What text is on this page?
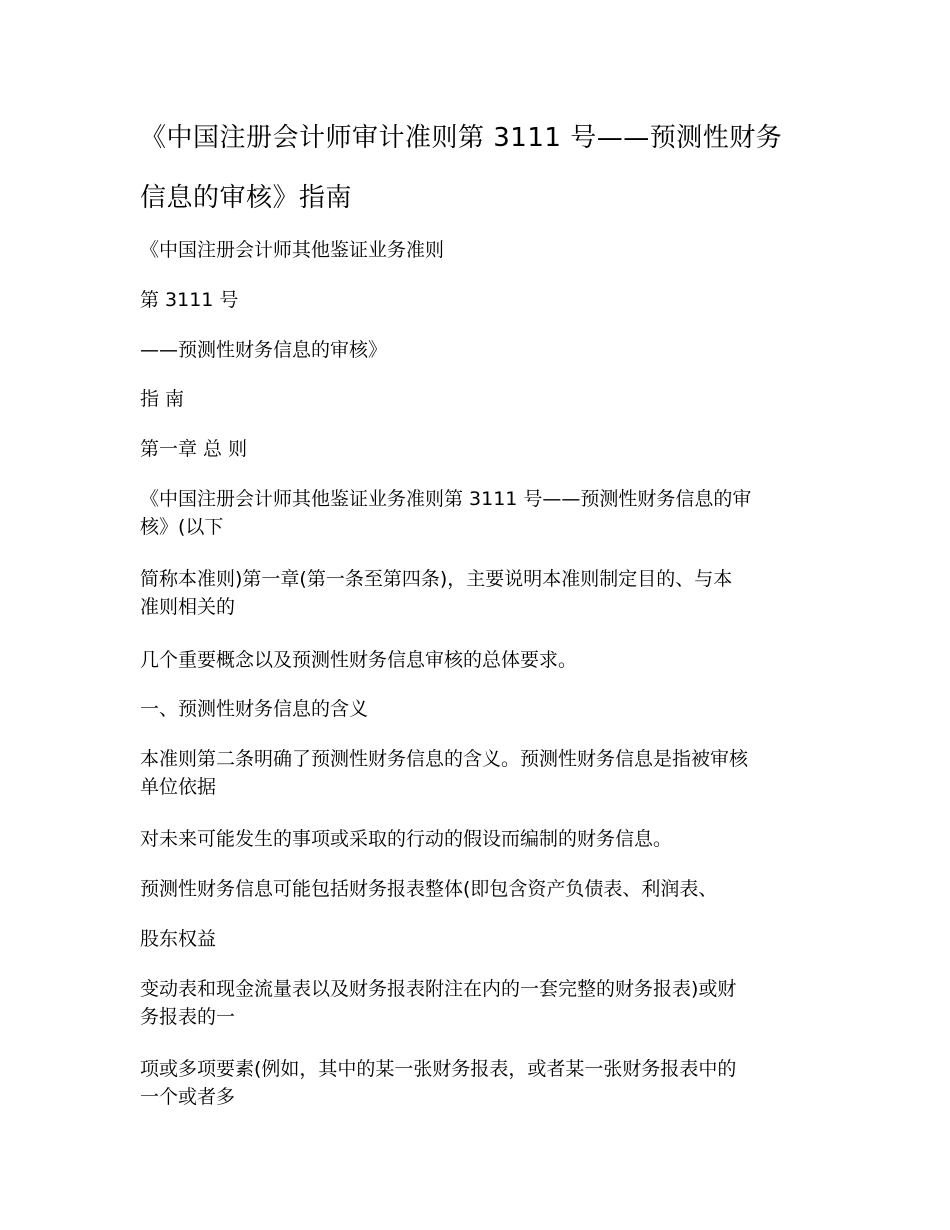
《中国注册会计师审计准则第 3111 号——预测性财务
信息的审核》指南

《中国注册会计师其他鉴证业务准则

第 3111 号

——预测性财务信息的审核》

指 南

第一章 总 则

《中国注册会计师其他鉴证业务准则第 3111 号——预测性财务信息的审
核》(以下

简称本准则)第一章(第一条至第四条)，主要说明本准则制定目的、与本
准则相关的

几个重要概念以及预测性财务信息审核的总体要求。

一、预测性财务信息的含义

本准则第二条明确了预测性财务信息的含义。预测性财务信息是指被审核
单位依据

对未来可能发生的事项或采取的行动的假设而编制的财务信息。

预测性财务信息可能包括财务报表整体(即包含资产负债表、利润表、

股东权益

变动表和现金流量表以及财务报表附注在内的一套完整的财务报表)或财
务报表的一

项或多项要素(例如，其中的某一张财务报表，或者某一张财务报表中的
一个或者多
